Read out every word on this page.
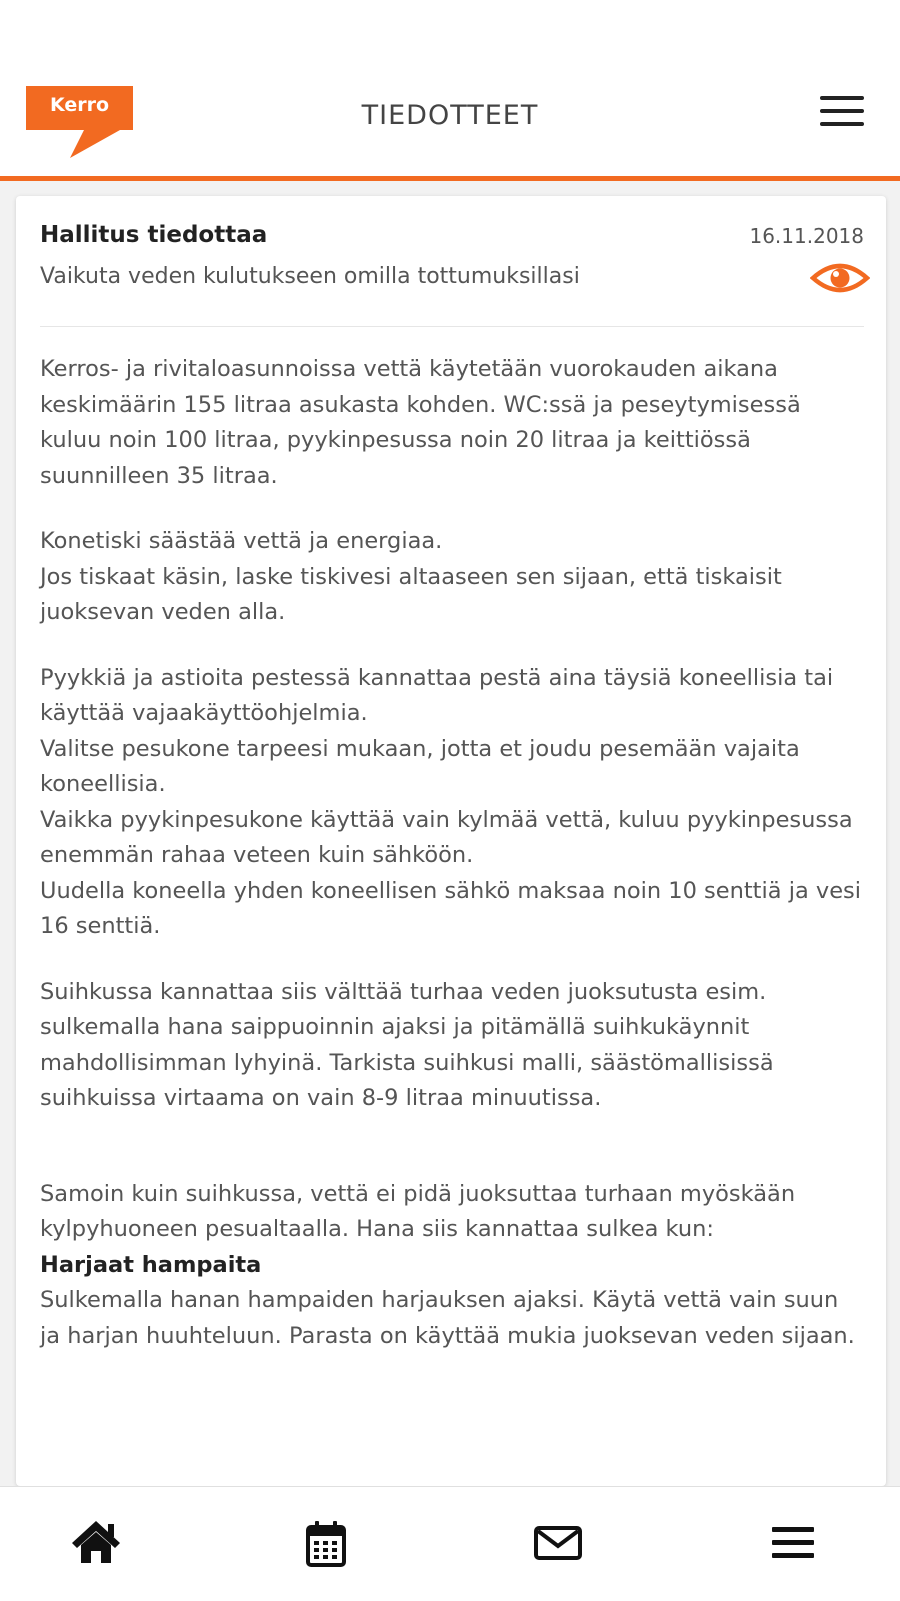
Kerro	TIEDOTTEET
Hallitus tiedottaa	16.11.2018
Vaikuta veden kulutukseen omilla tottumuksillasi

Kerros- ja rivitaloasunnoissa vettä käytetään vuorokauden aikana keskimäärin 155 litraa asukasta kohden. WC:ssä ja peseytymisessä kuluu noin 100 litraa, pyykinpesussa noin 20 litraa ja keittiössä suunnilleen 35 litraa.

Konetiski säästää vettä ja energiaa.

Jos tiskaat käsin, laske tiskivesi altaaseen sen sijaan, että tiskaisit juoksevan veden alla.

Pyykkiä ja astioita pestessä kannattaa pestä aina täysiä koneellisia tai käyttää vajaakäyttöohjelmia.

Valitse pesukone tarpeesi mukaan, jotta et joudu pesemään vajaita koneellisia.

Vaikka pyykinpesukone käyttää vain kylmää vettä, kuluu pyykinpesussa enemmän rahaa veteen kuin sähköön.

Uudella koneella yhden koneellisen sähkö maksaa noin 10 senttiä ja vesi 16 senttiä.

Suihkussa kannattaa siis välttää turhaa veden juoksutusta esim. sulkemalla hana saippuoinnin ajaksi ja pitämällä suihkukäynnit mahdollisimman lyhyinä. Tarkista suihkusi malli, säästömallisissä suihkuissa virtaama on vain 8-9 litraa minuutissa.

Samoin kuin suihkussa, vettä ei pidä juoksuttaa turhaan myöskään kylpyhuoneen pesualtaalla. Hana siis kannattaa sulkea kun:

Harjaat hampaita

Sulkemalla hanan hampaiden harjauksen ajaksi. Käytä vettä vain suun ja harjan huuhteluun. Parasta on käyttää mukia juoksevan veden sijaan.
